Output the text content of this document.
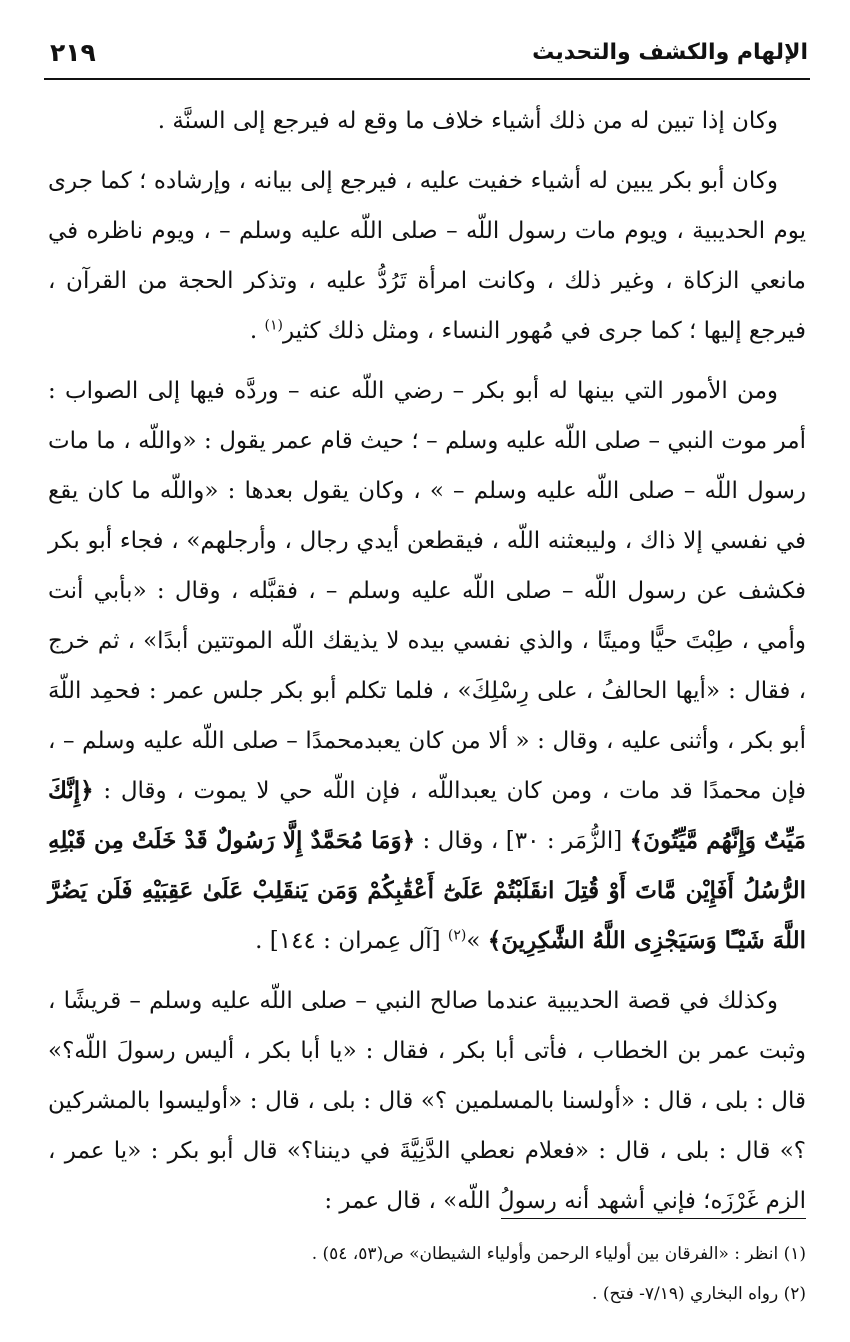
الإلهام والكشف والتحديث
٢١٩

وكان إذا تبين له من ذلك أشياء خلاف ما وقع له فيرجع إلى السنَّة .

وكان أبو بكر يبين له أشياء خفيت عليه ، فيرجع إلى بيانه ، وإرشاده ؛ كما جرى يوم الحديبية ، ويوم مات رسول اللّه – صلى اللّه عليه وسلم – ، ويوم ناظره في مانعي الزكاة ، وغير ذلك ، وكانت امرأة تَرُدُّ عليه ، وتذكر الحجة من القرآن ، فيرجع إليها ؛ كما جرى في مُهور النساء ، ومثل ذلك كثير$^{(١)}$ .

ومن الأمور التي بينها له أبو بكر – رضي اللّه عنه – وردَّه فيها إلى الصواب : أمر موت النبي – صلى اللّه عليه وسلم – ؛ حيث قام عمر يقول : «واللّه ، ما مات رسول اللّه – صلى اللّه عليه وسلم – » ، وكان يقول بعدها : «واللّه ما كان يقع في نفسي إلا ذاك ، وليبعثنه اللّه ، فيقطعن أيدي رجال ، وأرجلهم» ، فجاء أبو بكر فكشف عن رسول اللّه – صلى اللّه عليه وسلم – ، فقبَّله ، وقال : «بأبي أنت وأمي ، طِبْتَ حيًّا وميتًا ، والذي نفسي بيده لا يذيقك اللّه الموتتين أبدًا» ، ثم خرج ، فقال : «أيها الحالفُ ، على رِسْلِكَ» ، فلما تكلم أبو بكر جلس عمر : فحمِد اللّهَ أبو بكر ، وأثنى عليه ، وقال : « ألا من كان يعبدمحمدًا – صلى اللّه عليه وسلم – ، فإن محمدًا قد مات ، ومن كان يعبداللّه ، فإن اللّه حي لا يموت ، وقال : ﴿إِنَّكَ مَيِّتٌ وَإِنَّهُم مَّيِّتُونَ﴾ [الزُّمَر : ٣٠] ، وقال : ﴿وَمَا مُحَمَّدٌ إِلَّا رَسُولٌ قَدْ خَلَتْ مِن قَبْلِهِ الرُّسُلُ أَفَإِيْن مَّاتَ أَوْ قُتِلَ انقَلَبْتُمْ عَلَىٰٓ أَعْقَٰبِكُمْ وَمَن يَنقَلِبْ عَلَىٰ عَقِبَيْهِ فَلَن يَضُرَّ اللَّهَ شَيْـًٔا وَسَيَجْزِى اللَّهُ الشَّٰكِرِينَ﴾ »$^{(٢)}$ [آل عِمران : ١٤٤] .

وكذلك في قصة الحديبية عندما صالح النبي – صلى اللّه عليه وسلم – قريشًا ، وثبت عمر بن الخطاب ، فأتى أبا بكر ، فقال : «يا أبا بكر ، أليس رسولَ اللّه؟» قال : بلى ، قال : «أولسنا بالمسلمين ؟» قال : بلى ، قال : «أوليسوا بالمشركين ؟» قال : بلى ، قال : «فعلام نعطي الدَّنِيَّةَ في ديننا؟» قال أبو بكر : «يا عمر ، الزم غَرْزَه؛ فإني أشهد أنه رسولُ اللّه» ، قال عمر :

(١) انظر : «الفرقان بين أولياء الرحمن وأولياء الشيطان» ص(٥٣، ٥٤) .
(٢) رواه البخاري (٧/١٩- فتح) .
